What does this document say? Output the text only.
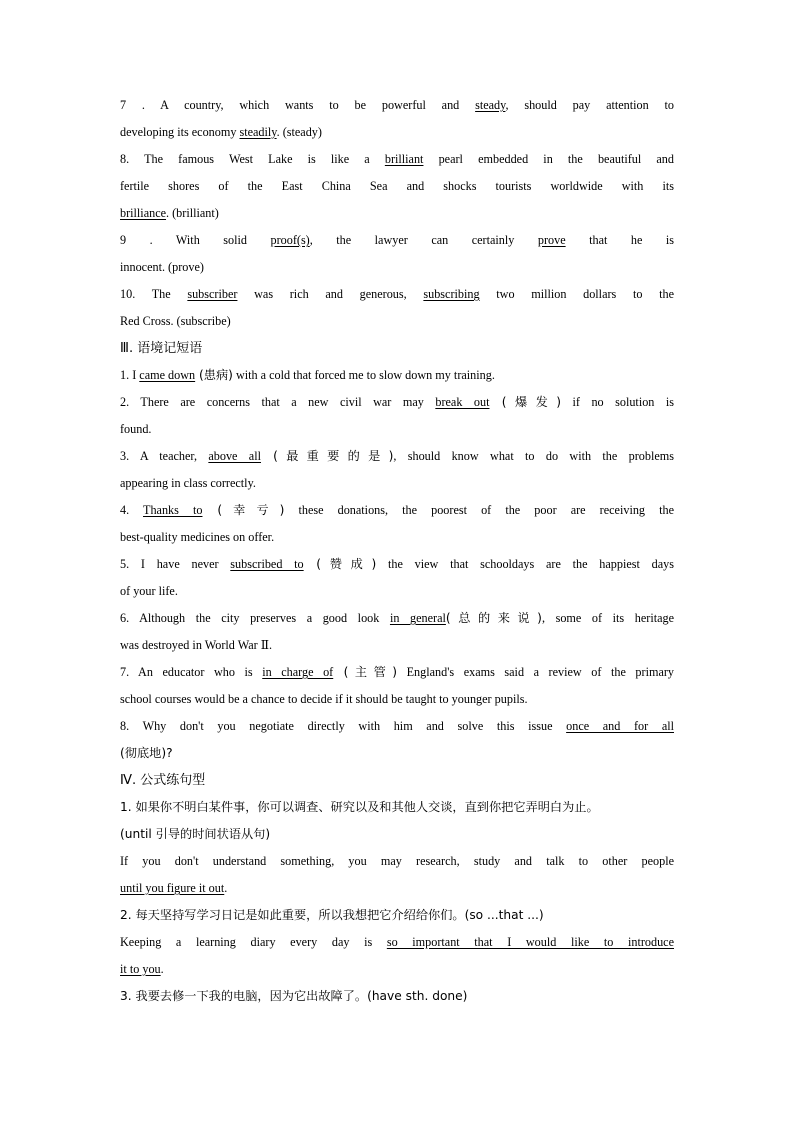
7 . A country, which wants to be powerful and steady, should pay attention to
developing its economy steadily. (steady)
8. The famous West Lake is like a brilliant pearl embedded in the beautiful and
fertile shores of the East China Sea and shocks tourists worldwide with its
brilliance. (brilliant)
9 . With solid proof(s), the lawyer can certainly prove that he is
innocent. (prove)
10. The subscriber was rich and generous, subscribing two million dollars to the
Red Cross. (subscribe)
Ⅲ. 语境记短语
1. I came down (患病) with a cold that forced me to slow down my training.
2. There are concerns that a new civil war may break out (爆发) if no solution is
found.
3. A teacher, above all (最重要的是), should know what to do with the problems
appearing in class correctly.
4. Thanks to (幸亏) these donations, the poorest of the poor are receiving the
best-quality medicines on offer.
5. I have never subscribed to (赞成) the view that schooldays are the happiest days
of your life.
6. Although the city preserves a good look in general(总的来说), some of its heritage
was destroyed in World War Ⅱ.
7. An educator who is in charge of (主管) England's exams said a review of the primary
school courses would be a chance to decide if it should be taught to younger pupils.
8. Why don't you negotiate directly with him and solve this issue once and for all
(彻底地)?
Ⅳ. 公式练句型
1. 如果你不明白某件事，你可以调查、研究以及和其他人交谈，直到你把它弄明白为止。
(until 引导的时间状语从句)
If you don't understand something, you may research, study and talk to other people
until you figure it out.
2. 每天坚持写学习日记是如此重要，所以我想把它介绍给你们。(so ...that ...)
Keeping a learning diary every day is so important that I would like to introduce
it to you.
3. 我要去修一下我的电脑，因为它出故障了。(have sth. done)
